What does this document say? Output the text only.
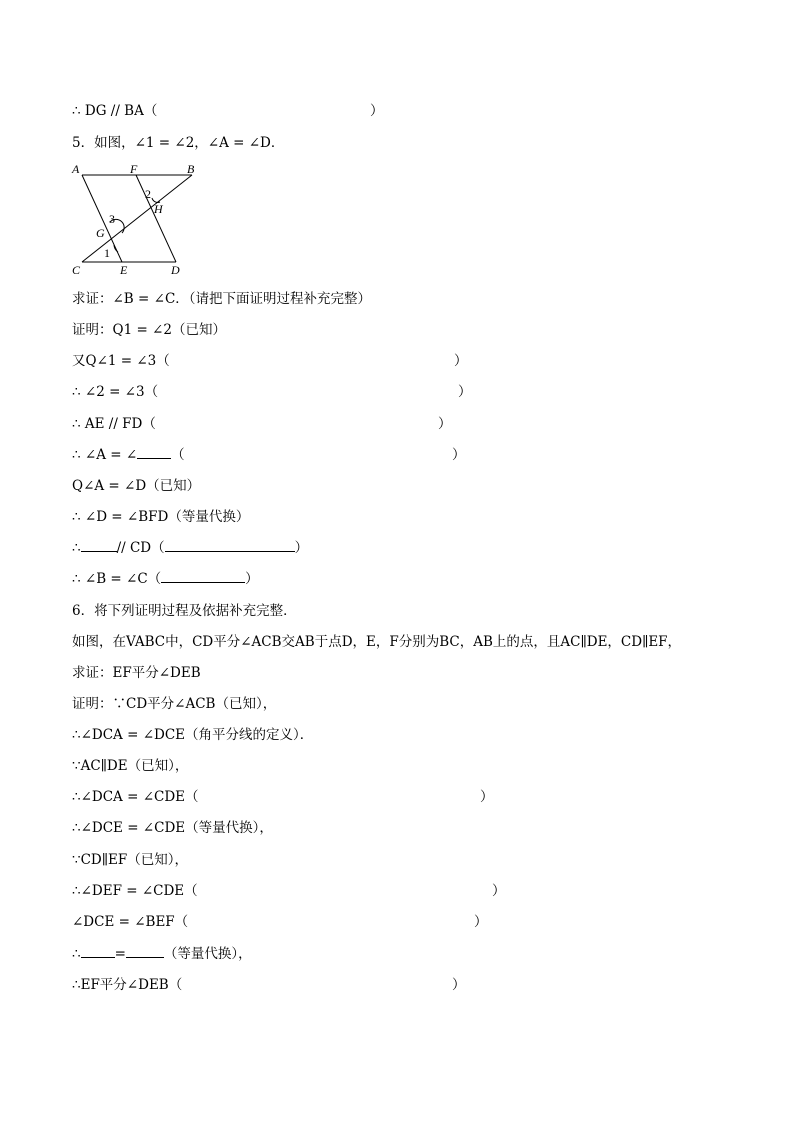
∴ DG // BA（	）
5．如图，∠1 = ∠2，∠A = ∠D．
A	F	B
H
G
C	E	D
2
3
1
求证：∠B = ∠C．（请把下面证明过程补充完整）
证明：Q1 = ∠2（已知）
又Q∠1 = ∠3（	）
∴ ∠2 = ∠3（	）
∴ AE // FD（	）
∴ ∠A = ∠	（	）
Q∠A = ∠D（已知）
∴ ∠D = ∠BFD（等量代换）
∴	// CD（	）
∴ ∠B = ∠C（	）
6．将下列证明过程及依据补充完整．
如图，在VABC中，CD平分∠ACB交AB于点D，E，F分别为BC，AB上的点，且AC∥DE，CD∥EF，
求证：EF平分∠DEB
证明：∵CD平分∠ACB（已知），
∴∠DCA = ∠DCE（角平分线的定义）．
∵AC∥DE（已知），
∴∠DCA = ∠CDE（	）
∴∠DCE = ∠CDE（等量代换），
∵CD∥EF（已知），
∴∠DEF = ∠CDE（	）
∠DCE = ∠BEF（	）
∴	=	（等量代换），
∴EF平分∠DEB（	）
